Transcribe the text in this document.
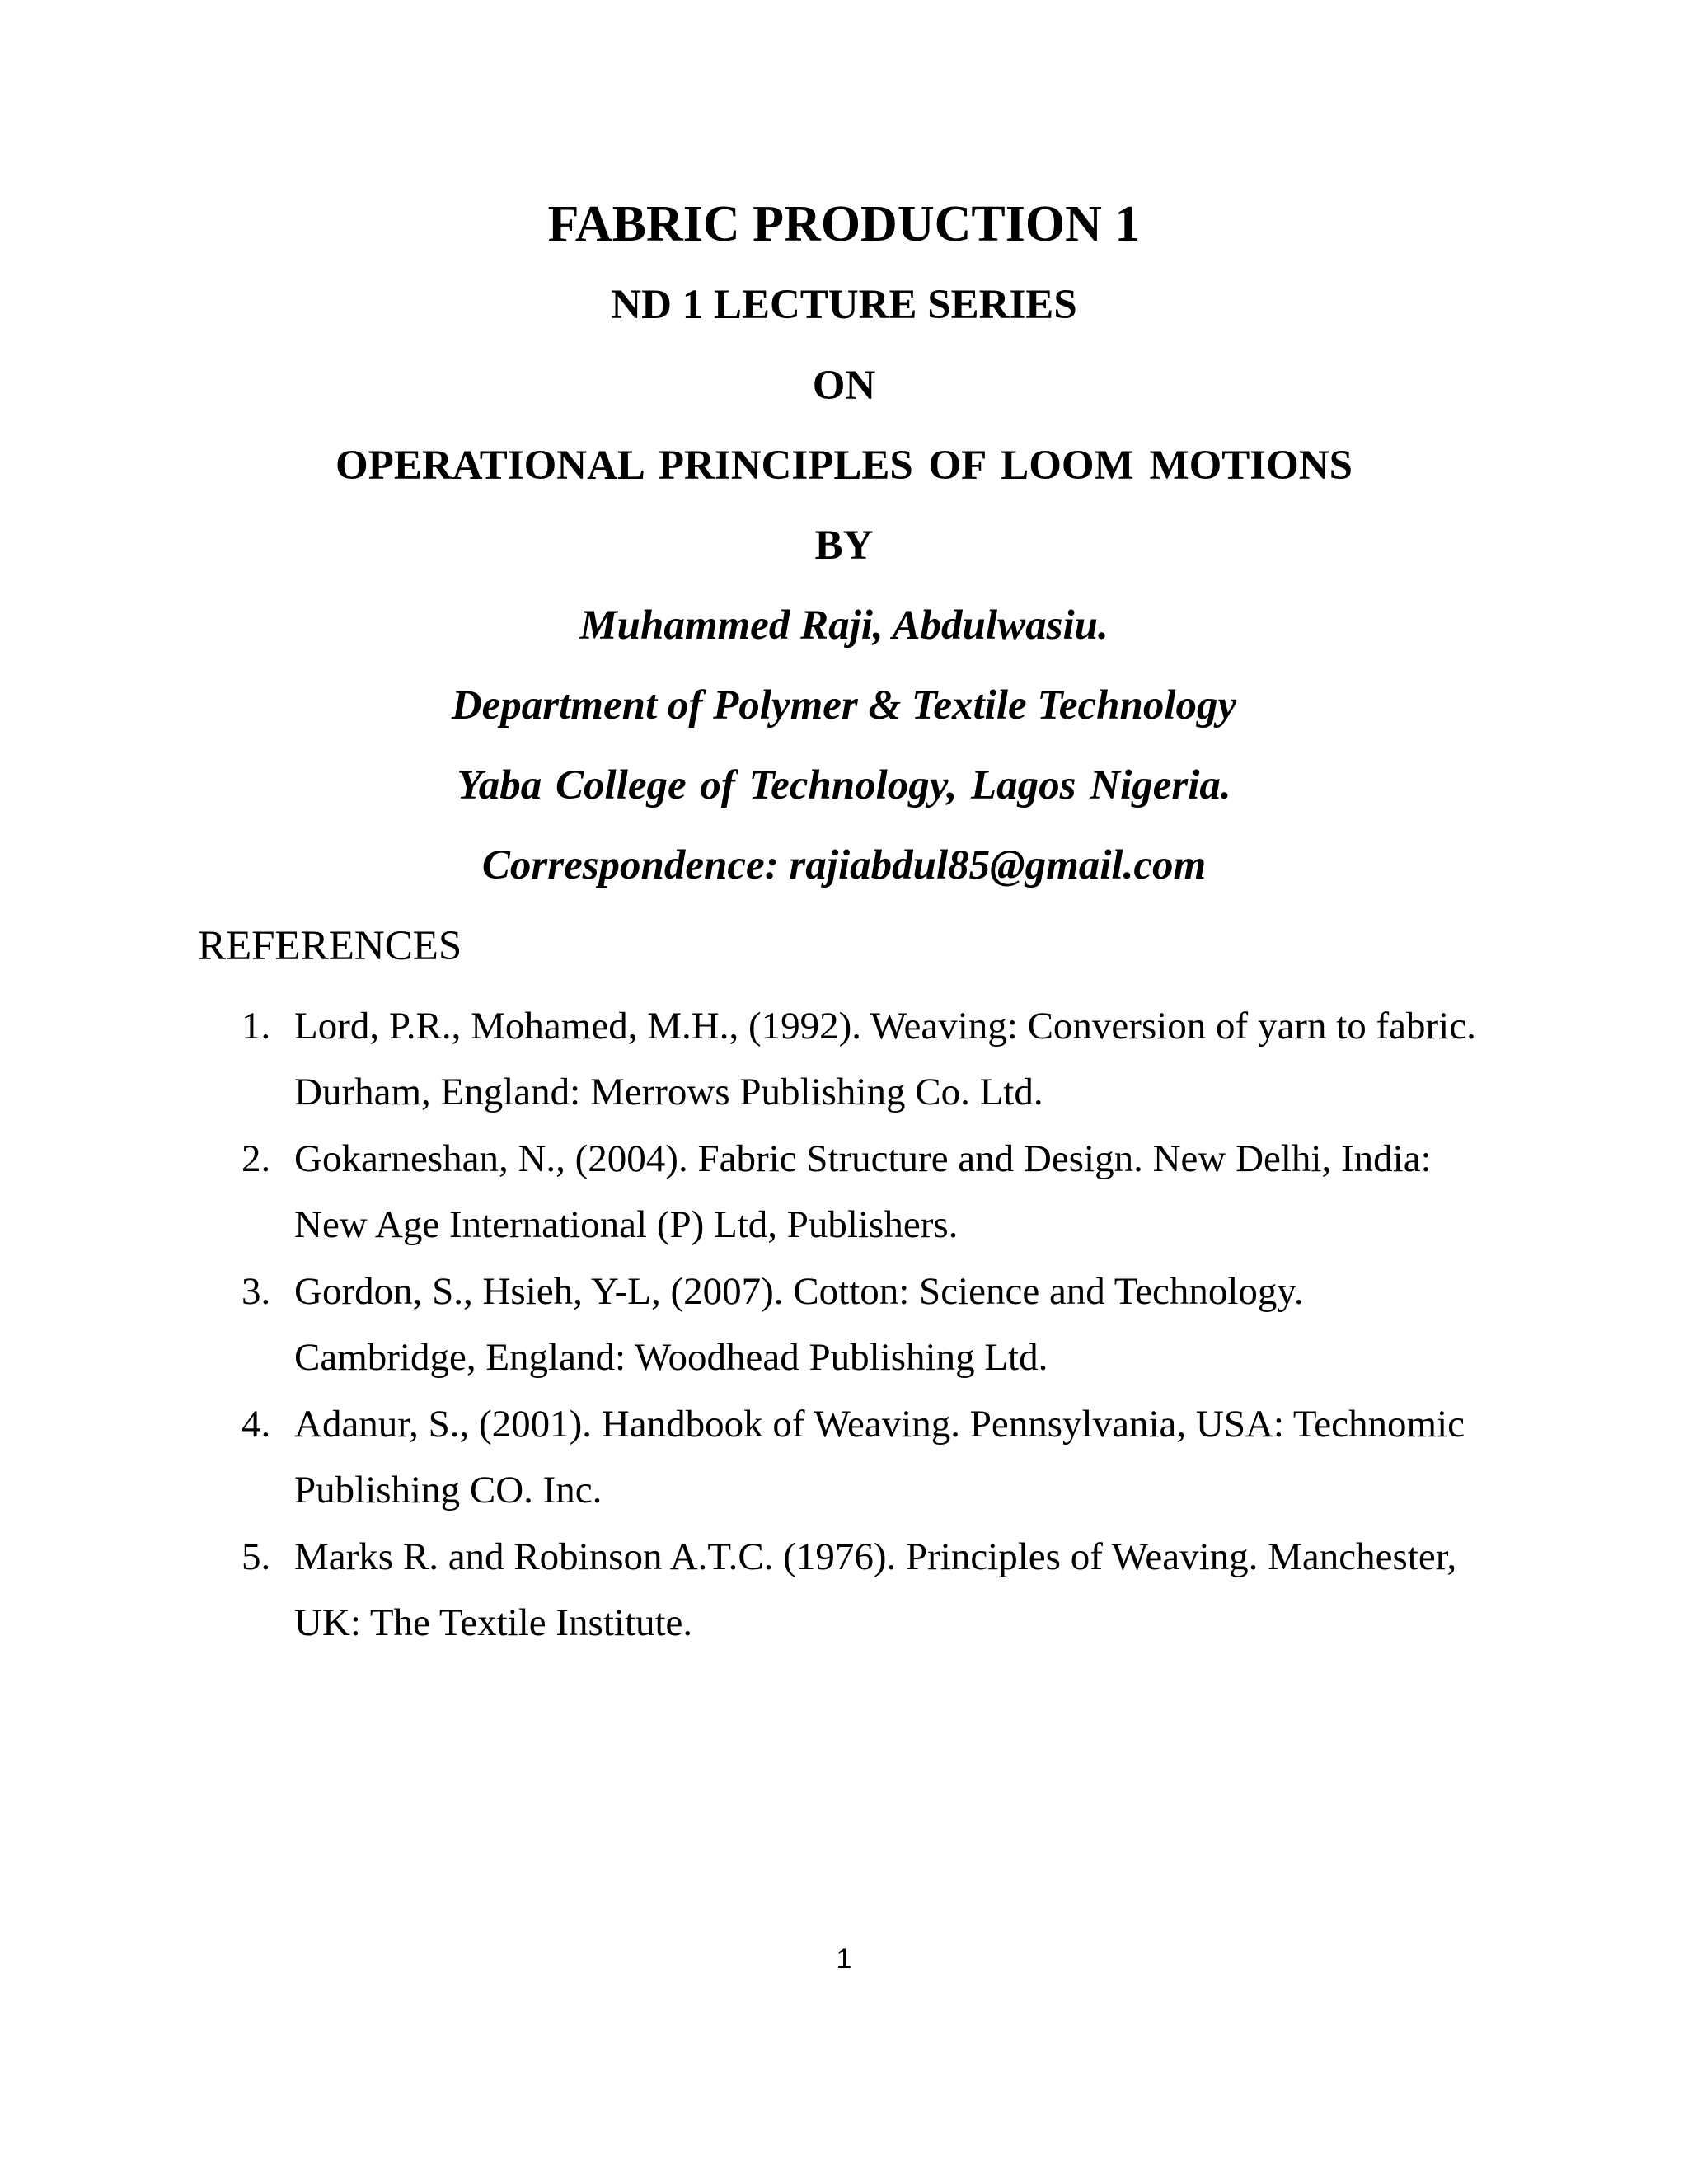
FABRIC PRODUCTION 1
ND 1 LECTURE SERIES
ON
OPERATIONAL PRINCIPLES OF LOOM MOTIONS
BY
Muhammed Raji, Abdulwasiu.
Department of Polymer & Textile Technology
Yaba College of Technology, Lagos Nigeria.
Correspondence: rajiabdul85@gmail.com
REFERENCES
1. Lord, P.R., Mohamed, M.H., (1992). Weaving: Conversion of yarn to fabric.
Durham, England: Merrows Publishing Co. Ltd.
2. Gokarneshan, N., (2004). Fabric Structure and Design. New Delhi, India:
New Age International (P) Ltd, Publishers.
3. Gordon, S., Hsieh, Y-L, (2007). Cotton: Science and Technology.
Cambridge, England: Woodhead Publishing Ltd.
4. Adanur, S., (2001). Handbook of Weaving. Pennsylvania, USA: Technomic
Publishing CO. Inc.
5. Marks R. and Robinson A.T.C. (1976). Principles of Weaving. Manchester,
UK: The Textile Institute.
1
